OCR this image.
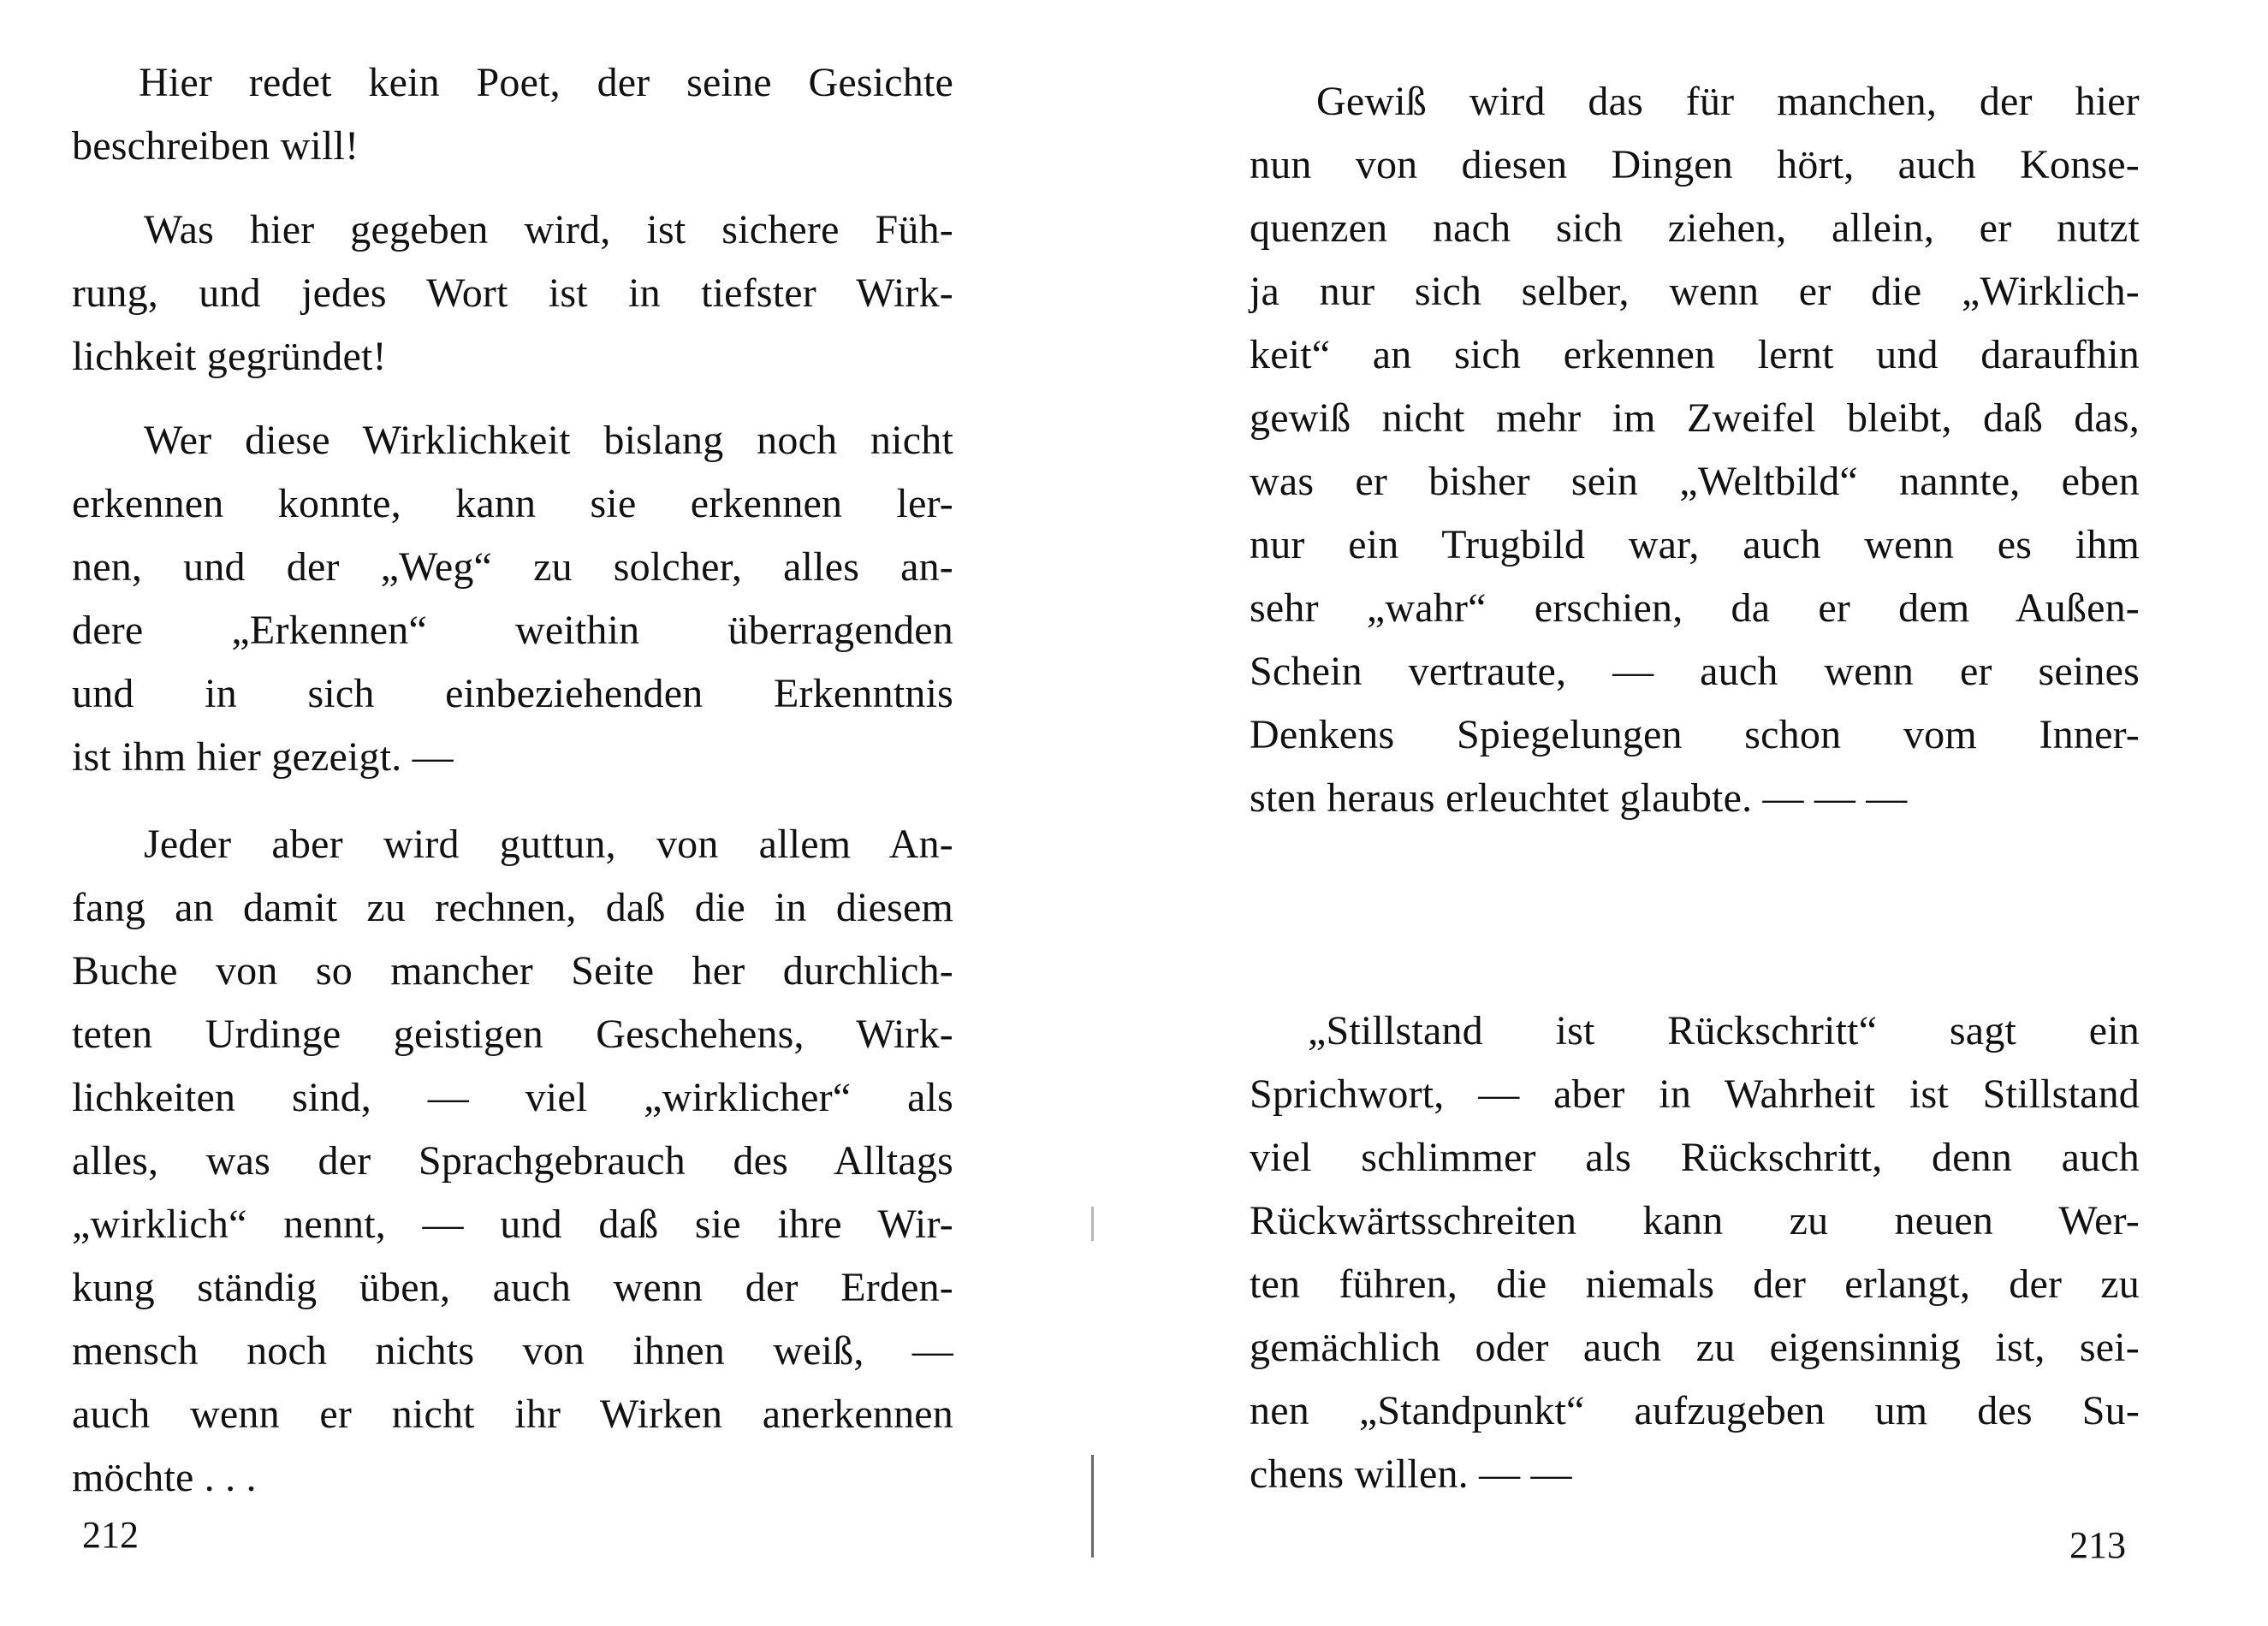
Hier redet kein Poet, der seine Gesichte
beschreiben will!
Was hier gegeben wird, ist sichere Füh-
rung, und jedes Wort ist in tiefster Wirk-
lichkeit gegründet!
Wer diese Wirklichkeit bislang noch nicht
erkennen konnte, kann sie erkennen ler-
nen, und der „Weg“ zu solcher, alles an-
dere „Erkennen“ weithin überragenden
und in sich einbeziehenden Erkenntnis
ist ihm hier gezeigt. —
Jeder aber wird guttun, von allem An-
fang an damit zu rechnen, daß die in diesem
Buche von so mancher Seite her durchlich-
teten Urdinge geistigen Geschehens, Wirk-
lichkeiten sind, — viel „wirklicher“ als
alles, was der Sprachgebrauch des Alltags
„wirklich“ nennt, — und daß sie ihre Wir-
kung ständig üben, auch wenn der Erden-
mensch noch nichts von ihnen weiß, —
auch wenn er nicht ihr Wirken anerkennen
möchte . . .
212
Gewiß wird das für manchen, der hier
nun von diesen Dingen hört, auch Konse-
quenzen nach sich ziehen, allein, er nutzt
ja nur sich selber, wenn er die „Wirklich-
keit“ an sich erkennen lernt und daraufhin
gewiß nicht mehr im Zweifel bleibt, daß das,
was er bisher sein „Weltbild“ nannte, eben
nur ein Trugbild war, auch wenn es ihm
sehr „wahr“ erschien, da er dem Außen-
Schein vertraute, — auch wenn er seines
Denkens Spiegelungen schon vom Inner-
sten heraus erleuchtet glaubte. — — —
„Stillstand ist Rückschritt“ sagt ein
Sprichwort, — aber in Wahrheit ist Stillstand
viel schlimmer als Rückschritt, denn auch
Rückwärtsschreiten kann zu neuen Wer-
ten führen, die niemals der erlangt, der zu
gemächlich oder auch zu eigensinnig ist, sei-
nen „Standpunkt“ aufzugeben um des Su-
chens willen. — —
213
